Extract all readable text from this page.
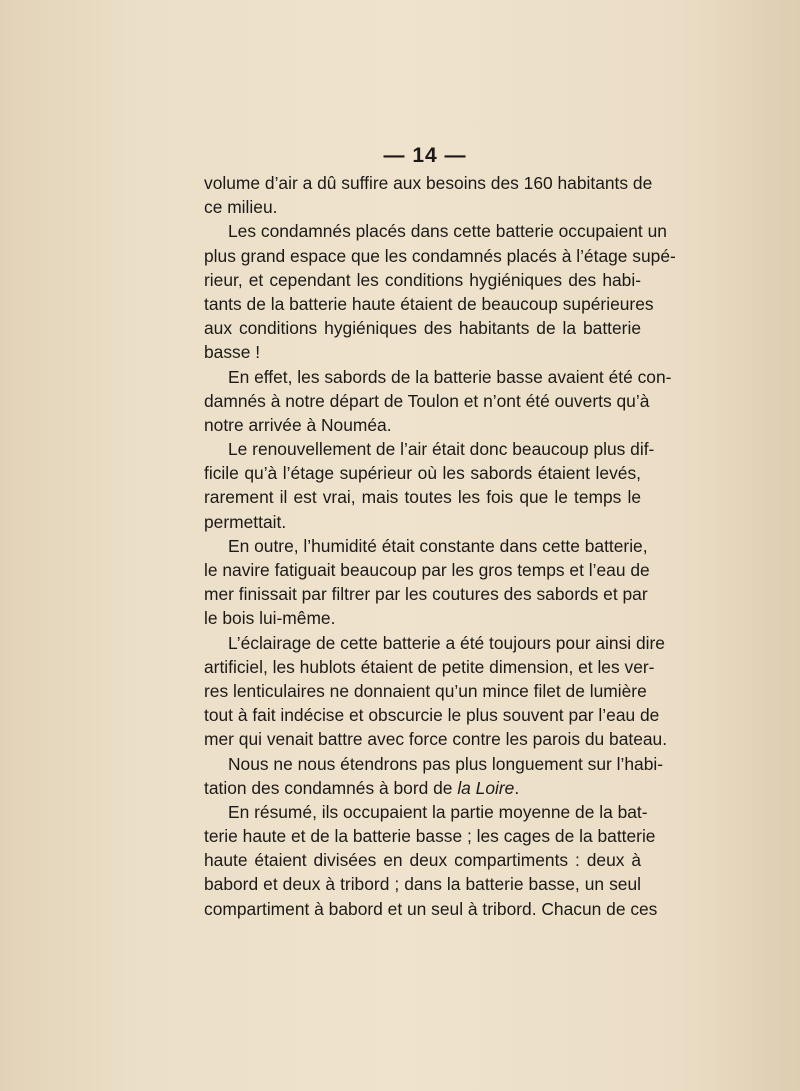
— 14 —
volume d’air a dû suffire aux besoins des 160 habitants de
ce milieu.
Les condamnés placés dans cette batterie occupaient un
plus grand espace que les condamnés placés à l’étage supé-
rieur, et cependant les conditions hygiéniques des habi-
tants de la batterie haute étaient de beaucoup supérieures
aux conditions hygiéniques des habitants de la batterie
basse !
En effet, les sabords de la batterie basse avaient été con-
damnés à notre départ de Toulon et n’ont été ouverts qu’à
notre arrivée à Nouméa.
Le renouvellement de l’air était donc beaucoup plus dif-
ficile qu’à l’étage supérieur où les sabords étaient levés,
rarement il est vrai, mais toutes les fois que le temps le
permettait.
En outre, l’humidité était constante dans cette batterie,
le navire fatiguait beaucoup par les gros temps et l’eau de
mer finissait par filtrer par les coutures des sabords et par
le bois lui-même.
L’éclairage de cette batterie a été toujours pour ainsi dire
artificiel, les hublots étaient de petite dimension, et les ver-
res lenticulaires ne donnaient qu’un mince filet de lumière
tout à fait indécise et obscurcie le plus souvent par l’eau de
mer qui venait battre avec force contre les parois du bateau.
Nous ne nous étendrons pas plus longuement sur l’habi-
tation des condamnés à bord de la Loire.
En résumé, ils occupaient la partie moyenne de la bat-
terie haute et de la batterie basse ; les cages de la batterie
haute étaient divisées en deux compartiments : deux à
babord et deux à tribord ; dans la batterie basse, un seul
compartiment à babord et un seul à tribord. Chacun de ces
